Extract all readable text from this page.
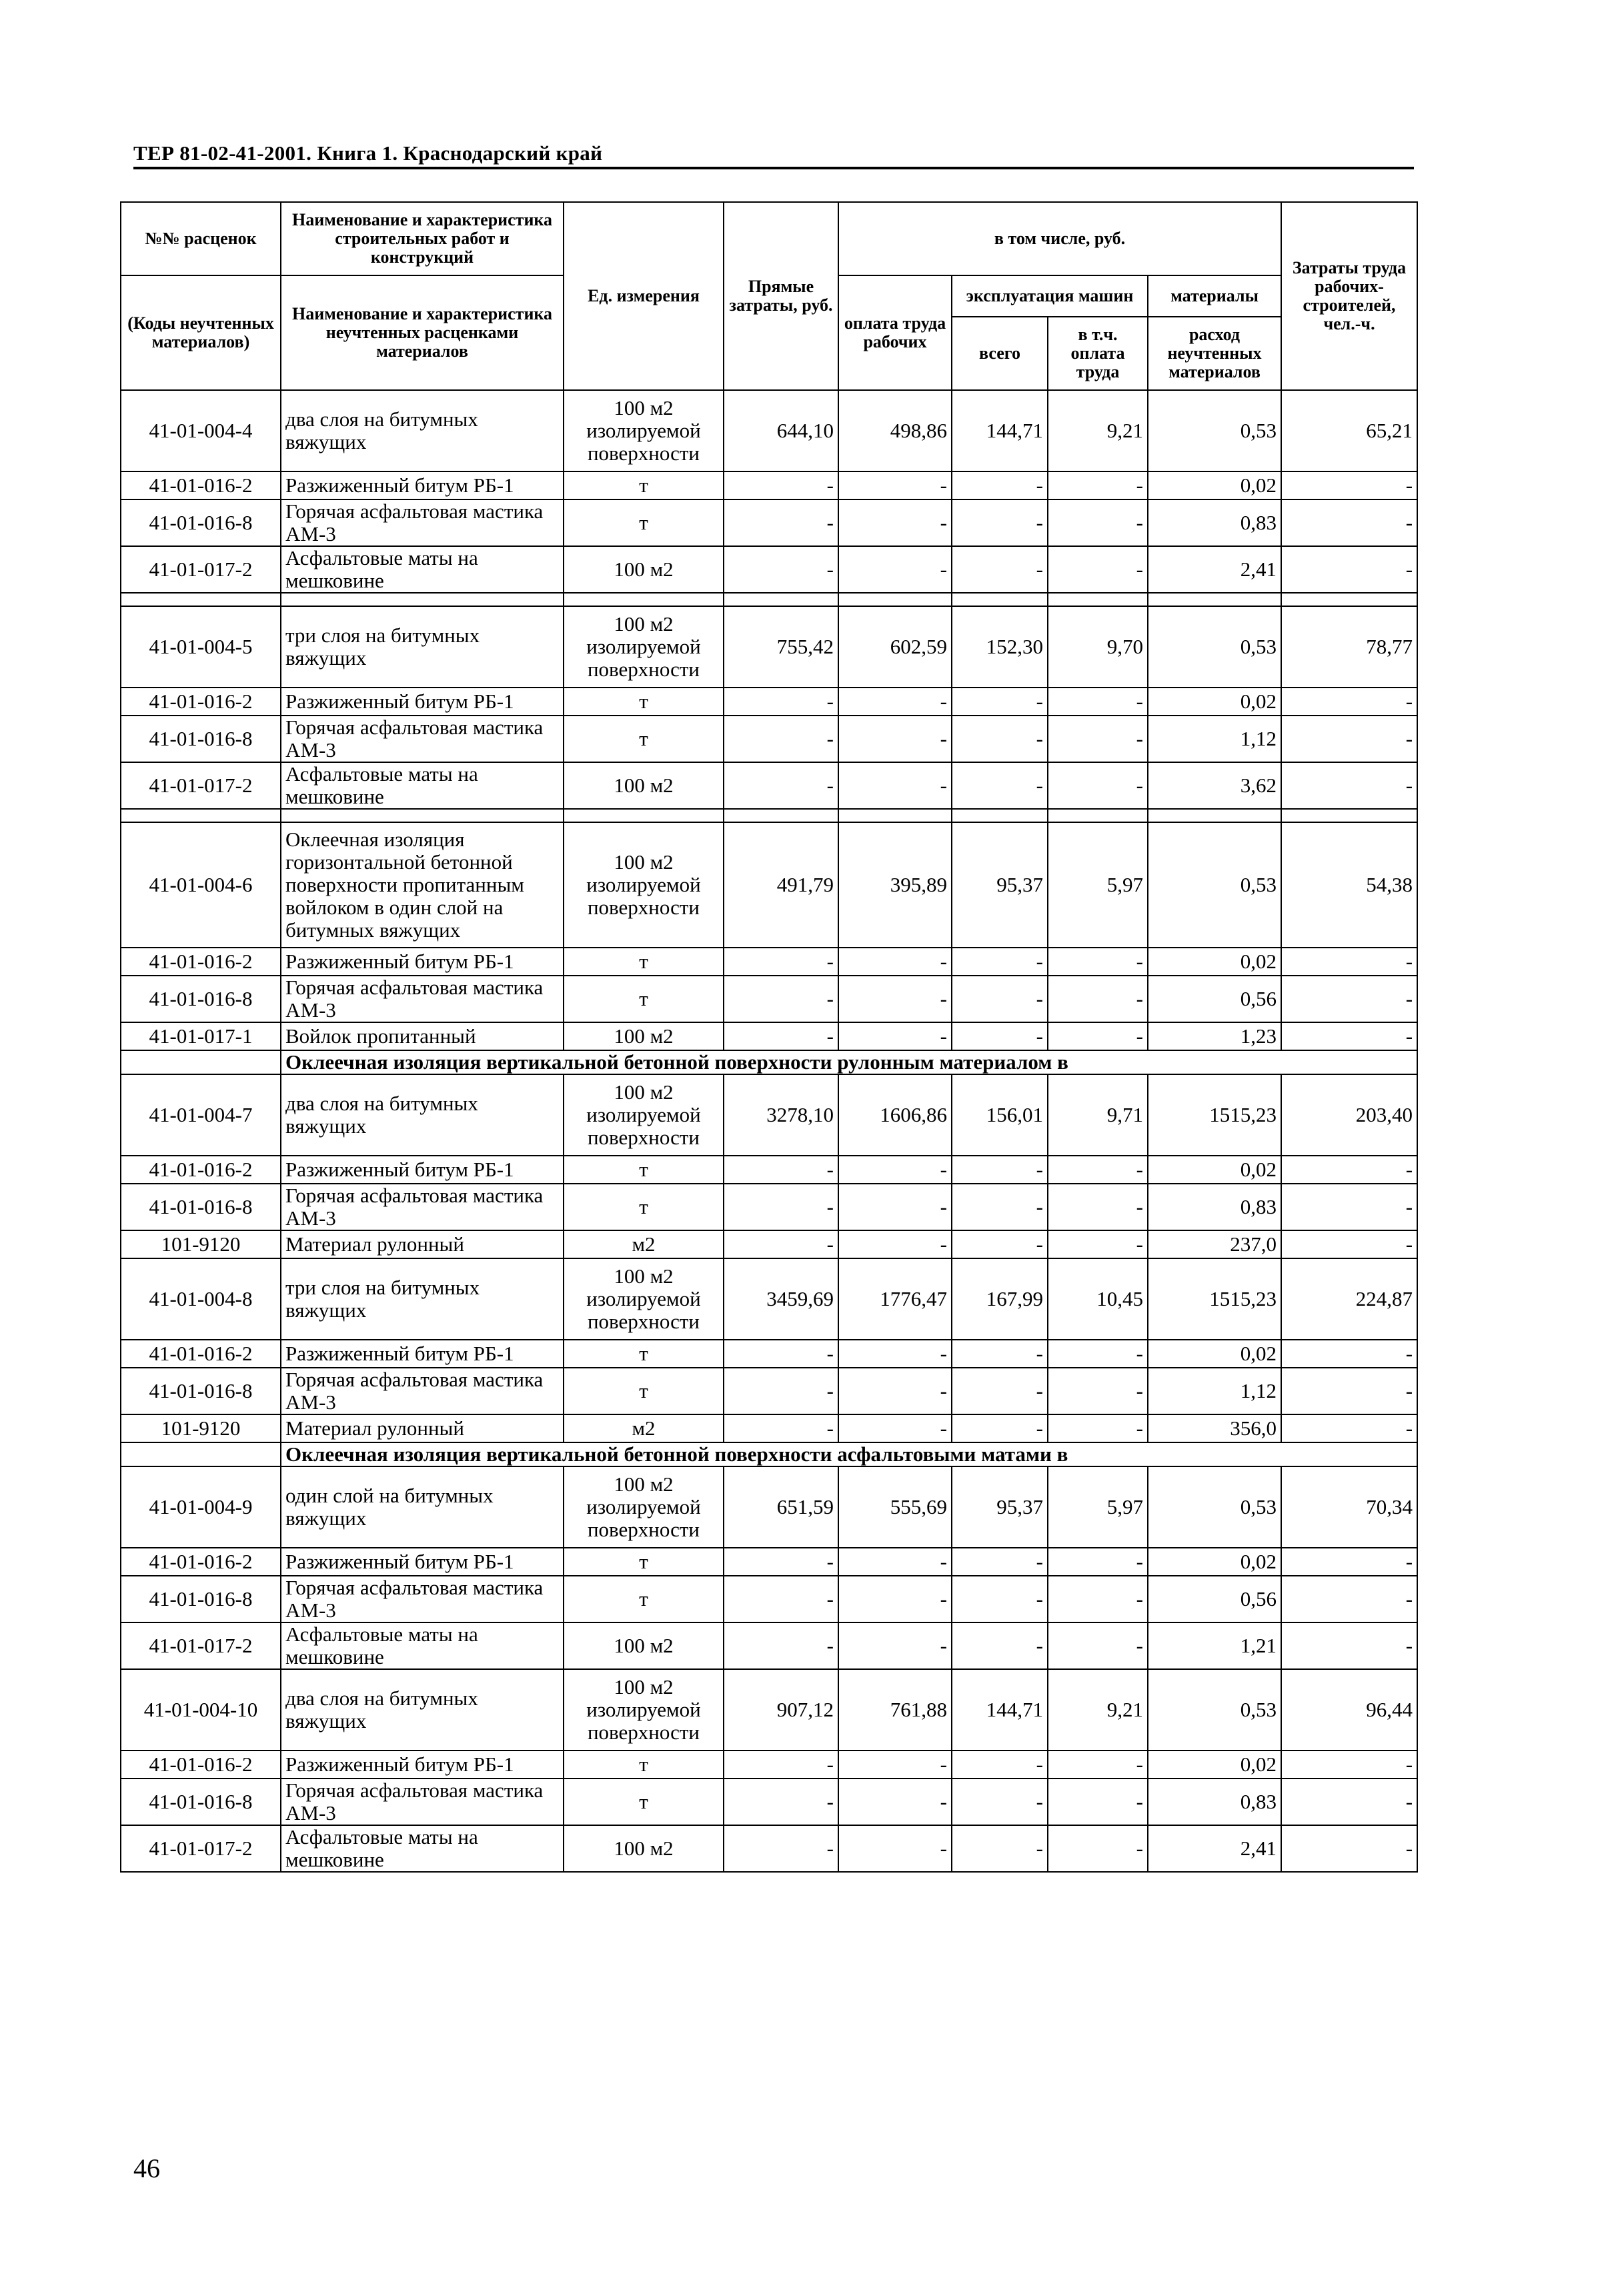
ТЕР 81-02-41-2001. Книга 1. Краснодарский край
№№ расценок	Наименование и характеристика строительных работ и конструкций	Ед. измерения	Прямые затраты, руб.	в том числе, руб.				Затраты труда рабочих-строителей, чел.-ч.
(Коды неучтенных материалов)	Наименование и характеристика неучтенных расценками материалов			оплата труда рабочих	эксплуатация машин		материалы	
					всего	в т.ч. оплата труда	расход неучтенных материалов	
41-01-004-4	два слоя на битумных вяжущих	100 м2 изолируемой поверхности	644,10	498,86	144,71	9,21	0,53	65,21
41-01-016-2	Разжиженный битум РБ-1	т	-	-	-	-	0,02	-
41-01-016-8	Горячая асфальтовая мастика АМ-3	т	-	-	-	-	0,83	-
41-01-017-2	Асфальтовые маты на мешковине	100 м2	-	-	-	-	2,41	-

41-01-004-5	три слоя на битумных вяжущих	100 м2 изолируемой поверхности	755,42	602,59	152,30	9,70	0,53	78,77
41-01-016-2	Разжиженный битум РБ-1	т	-	-	-	-	0,02	-
41-01-016-8	Горячая асфальтовая мастика АМ-3	т	-	-	-	-	1,12	-
41-01-017-2	Асфальтовые маты на мешковине	100 м2	-	-	-	-	3,62	-

41-01-004-6	Оклеечная изоляция горизонтальной бетонной поверхности пропитанным войлоком в один слой на битумных вяжущих	100 м2 изолируемой поверхности	491,79	395,89	95,37	5,97	0,53	54,38
41-01-016-2	Разжиженный битум РБ-1	т	-	-	-	-	0,02	-
41-01-016-8	Горячая асфальтовая мастика АМ-3	т	-	-	-	-	0,56	-
41-01-017-1	Войлок пропитанный	100 м2	-	-	-	-	1,23	-
	Оклеечная изоляция вертикальной бетонной поверхности рулонным материалом в							
41-01-004-7	два слоя на битумных вяжущих	100 м2 изолируемой поверхности	3278,10	1606,86	156,01	9,71	1515,23	203,40
41-01-016-2	Разжиженный битум РБ-1	т	-	-	-	-	0,02	-
41-01-016-8	Горячая асфальтовая мастика АМ-3	т	-	-	-	-	0,83	-
101-9120	Материал рулонный	м2	-	-	-	-	237,0	-
41-01-004-8	три слоя на битумных вяжущих	100 м2 изолируемой поверхности	3459,69	1776,47	167,99	10,45	1515,23	224,87
41-01-016-2	Разжиженный битум РБ-1	т	-	-	-	-	0,02	-
41-01-016-8	Горячая асфальтовая мастика АМ-3	т	-	-	-	-	1,12	-
101-9120	Материал рулонный	м2	-	-	-	-	356,0	-
	Оклеечная изоляция вертикальной бетонной поверхности асфальтовыми матами в							
41-01-004-9	один слой на битумных вяжущих	100 м2 изолируемой поверхности	651,59	555,69	95,37	5,97	0,53	70,34
41-01-016-2	Разжиженный битум РБ-1	т	-	-	-	-	0,02	-
41-01-016-8	Горячая асфальтовая мастика АМ-3	т	-	-	-	-	0,56	-
41-01-017-2	Асфальтовые маты на мешковине	100 м2	-	-	-	-	1,21	-
41-01-004-10	два слоя на битумных вяжущих	100 м2 изолируемой поверхности	907,12	761,88	144,71	9,21	0,53	96,44
41-01-016-2	Разжиженный битум РБ-1	т	-	-	-	-	0,02	-
41-01-016-8	Горячая асфальтовая мастика АМ-3	т	-	-	-	-	0,83	-
41-01-017-2	Асфальтовые маты на мешковине	100 м2	-	-	-	-	2,41	-
46
